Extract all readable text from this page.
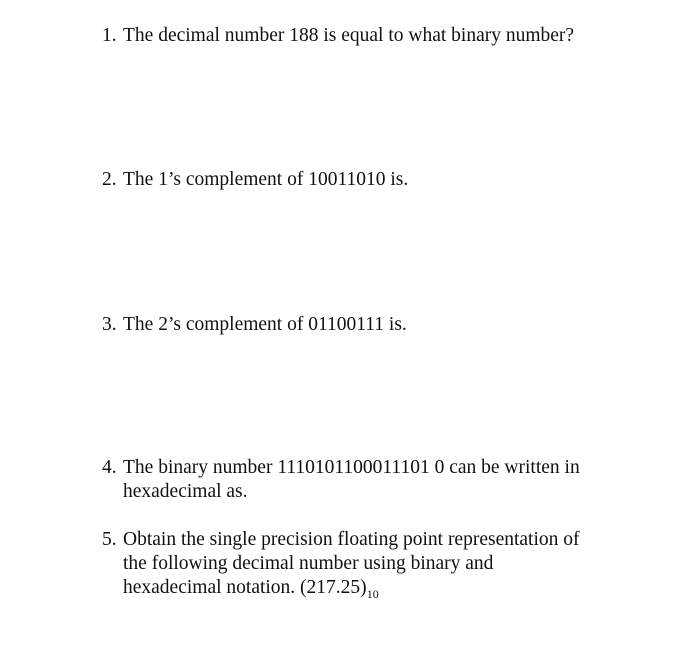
1. The decimal number 188 is equal to what binary number?
2. The 1’s complement of 10011010 is.
3. The 2’s complement of 01100111 is.
4. The binary number 1110101100011101 0 can be written in
hexadecimal as.
5. Obtain the single precision floating point representation of
the following decimal number using binary and
hexadecimal notation. $(217.25)_{10}$
